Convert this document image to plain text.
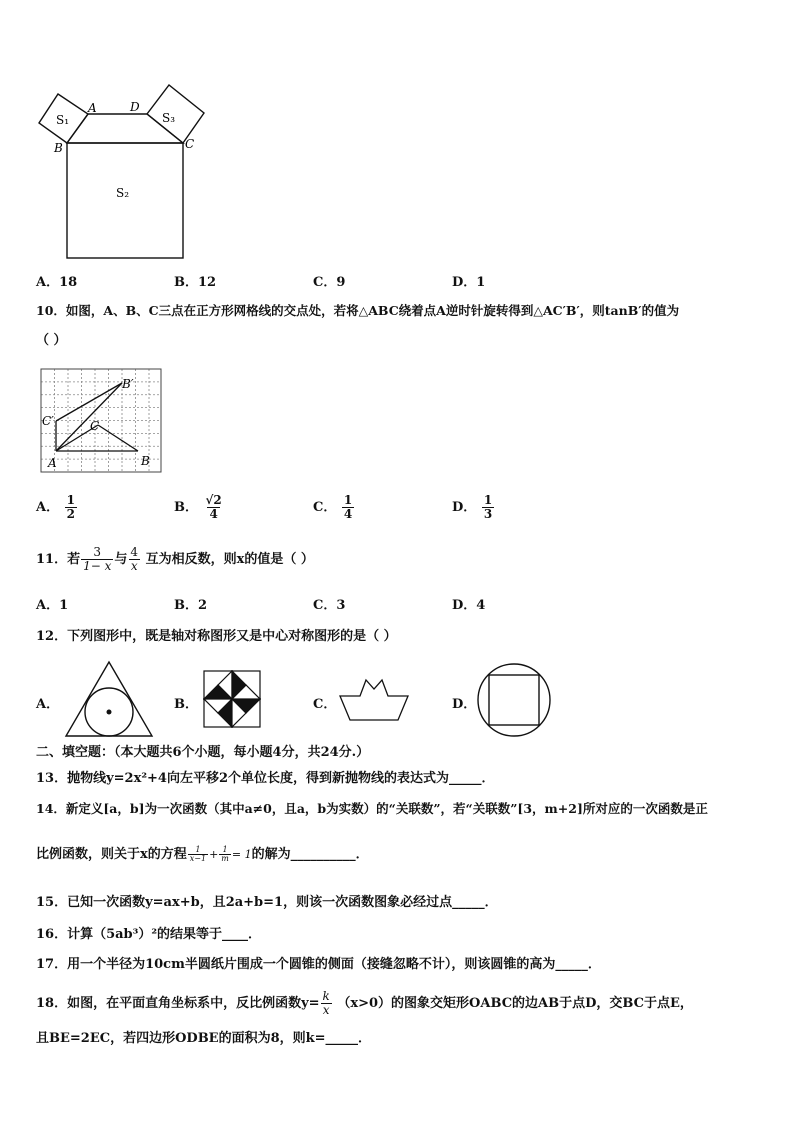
A	D
B	C
S₁	S₃
S₂
A．18	B．12	C．9	D．1
10．如图，A、B、C三点在正方形网格线的交点处，若将△ABC绕着点A逆时针旋转得到△AC′B′，则tanB′的值为
（ ）
A	B
C
C′
B′
A． $\frac{1}{2}$	B． $\frac{√2}{4}$	C． $\frac{1}{4}$	D． $\frac{1}{3}$
11．若 $\frac{3}{1- x}$ 与 $\frac{4}{x}$ 互为相反数，则x的值是（ ）
A．1	B．2	C．3	D．4
12．下列图形中，既是轴对称图形又是中心对称图形的是（ ）
A．	B．	C．	D．
二、填空题：（本大题共6个小题，每小题4分，共24分.）
13．抛物线y=2x²+4向左平移2个单位长度，得到新抛物线的表达式为_____．
14．新定义[a，b]为一次函数（其中a≠0，且a，b为实数）的“关联数”，若“关联数”[3，m+2]所对应的一次函数是正
比例函数，则关于x的方程 $\frac{1}{x-1} + \frac{1}{m} = 1$的解为__________．
15．已知一次函数y=ax+b，且2a+b=1，则该一次函数图象必经过点_____．
16．计算（5ab³）²的结果等于____．
17．用一个半径为10cm半圆纸片围成一个圆锥的侧面（接缝忽略不计），则该圆锥的高为_____．
18．如图，在平面直角坐标系中，反比例函数$y= \frac{k}{x} (x>0)$的图象交矩形OABC的边AB于点D，交BC于点E，
且BE=2EC，若四边形ODBE的面积为8，则k=_____．
